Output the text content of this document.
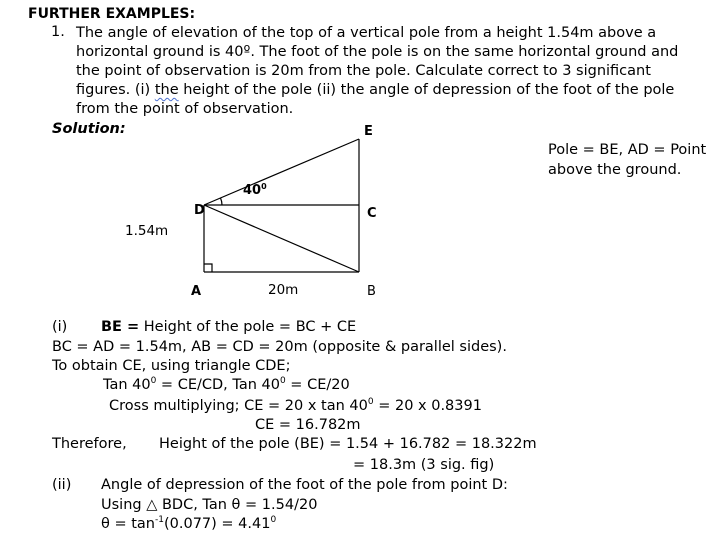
FURTHER EXAMPLES:
1. The angle of elevation of the top of a vertical pole from a height 1.54m above a
horizontal ground is 40º. The foot of the pole is on the same horizontal ground and
the point of observation is 20m from the pole. Calculate correct to 3 significant
figures. (i) the height of the pole (ii) the angle of depression of the foot of the pole
from the point of observation.
Solution:
Pole = BE, AD = Point
above the ground.
E
D	C
A	B
$40^0$
1.54m
20m
(i) BE = Height of the pole = BC + CE
BC = AD = 1.54m, AB = CD = 20m (opposite & parallel sides).
To obtain CE, using triangle CDE;
Tan $40^0 = CE/CD$, Tan $40^0 = CE/20$
Cross multiplying; CE = 20 x $\tan 40^0 = 20$ x 0.8391
CE = 16.782m
Therefore, Height of the pole (BE) = 1.54 + 16.782 = 18.322m
= 18.3m (3 sig. fig)
(ii) Angle of depression of the foot of the pole from point D:
Using △ BDC, Tan θ = 1.54/20
$\theta = \tan^{-1}(0.077) = 4.41^0$
